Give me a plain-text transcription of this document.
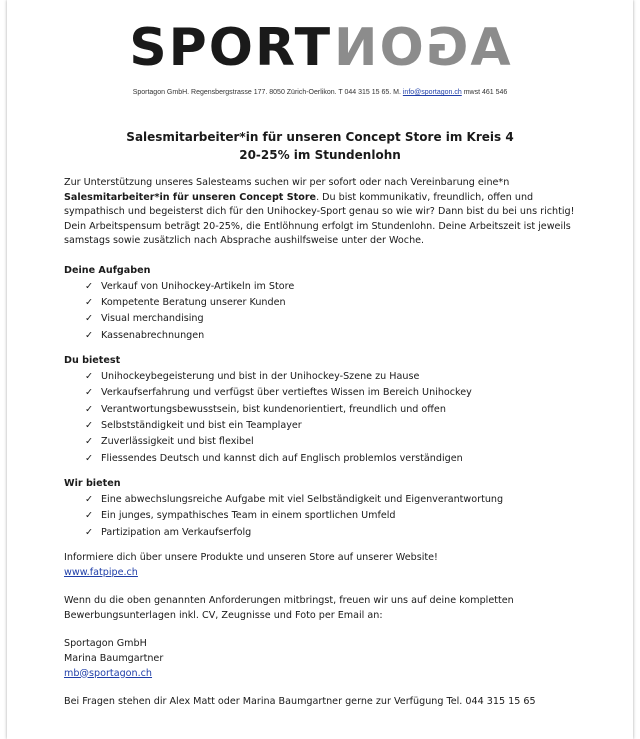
SPORTAGON
Sportagon GmbH. Regensbergstrasse 177. 8050 Zürich-Oerlikon. T 044 315 15 65. M. info@sportagon.ch mwst 461 546
Salesmitarbeiter*in für unseren Concept Store im Kreis 4
20-25% im Stundenlohn

Zur Unterstützung unseres Salesteams suchen wir per sofort oder nach Vereinbarung eine*n Salesmitarbeiter*in für unseren Concept Store. Du bist kommunikativ, freundlich, offen und sympathisch und begeisterst dich für den Unihockey-Sport genau so wie wir? Dann bist du bei uns richtig! Dein Arbeitspensum beträgt 20-25%, die Entlöhnung erfolgt im Stundenlohn. Deine Arbeitszeit ist jeweils samstags sowie zusätzlich nach Absprache aushilfsweise unter der Woche.

Deine Aufgaben

✓ Verkauf von Unihockey-Artikeln im Store
✓ Kompetente Beratung unserer Kunden
✓ Visual merchandising
✓ Kassenabrechnungen

Du bietest

✓ Unihockeybegeisterung und bist in der Unihockey-Szene zu Hause
✓ Verkaufserfahrung und verfügst über vertieftes Wissen im Bereich Unihockey
✓ Verantwortungsbewusstsein, bist kundenorientiert, freundlich und offen
✓ Selbstständigkeit und bist ein Teamplayer
✓ Zuverlässigkeit und bist flexibel
✓ Fliessendes Deutsch und kannst dich auf Englisch problemlos verständigen

Wir bieten

✓ Eine abwechslungsreiche Aufgabe mit viel Selbständigkeit und Eigenverantwortung
✓ Ein junges, sympathisches Team in einem sportlichen Umfeld
✓ Partizipation am Verkaufserfolg

Informiere dich über unsere Produkte und unseren Store auf unserer Website!

www.fatpipe.ch

Wenn du die oben genannten Anforderungen mitbringst, freuen wir uns auf deine kompletten Bewerbungsunterlagen inkl. CV, Zeugnisse und Foto per Email an:

Sportagon GmbH

Marina Baumgartner

mb@sportagon.ch

Bei Fragen stehen dir Alex Matt oder Marina Baumgartner gerne zur Verfügung Tel. 044 315 15 65
